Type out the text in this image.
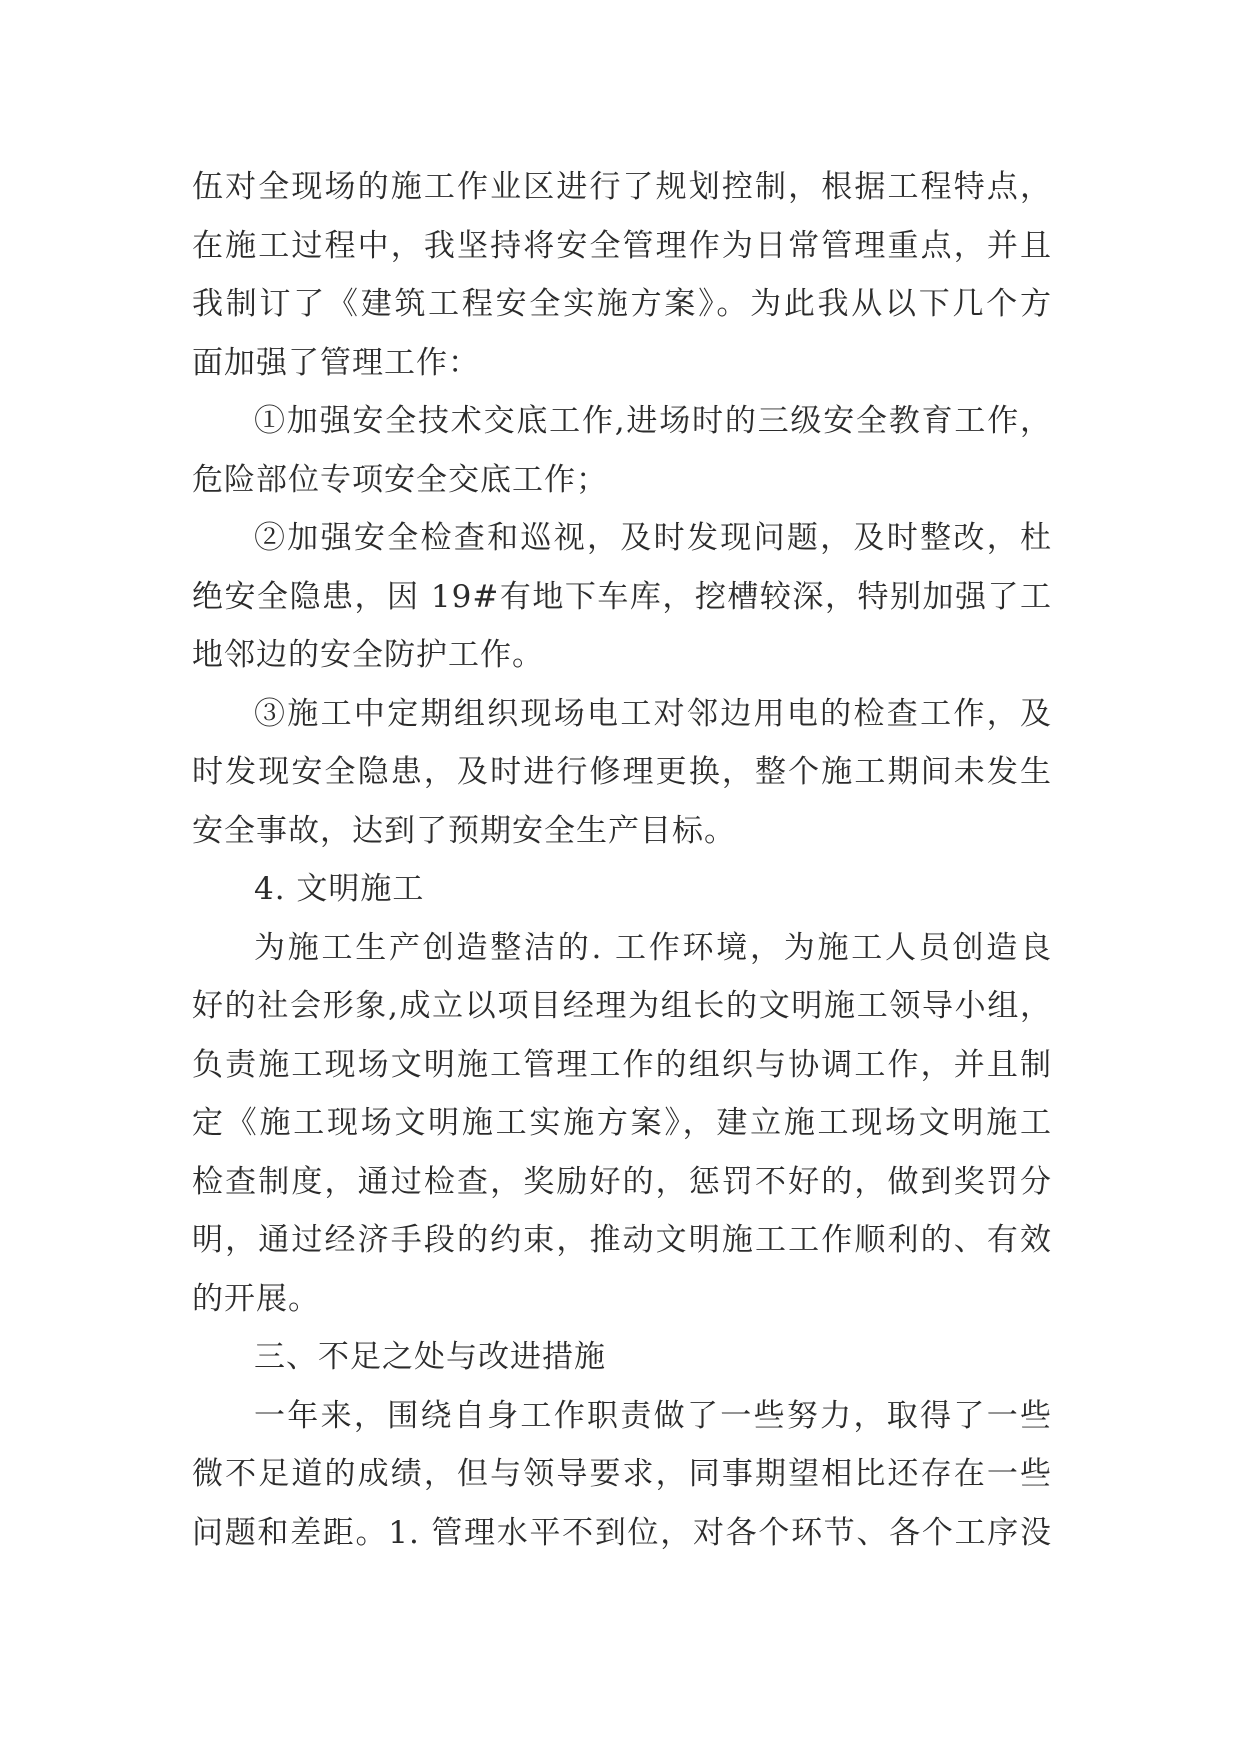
伍对全现场的施工作业区进行了规划控制，根据工程特点，
在施工过程中，我坚持将安全管理作为日常管理重点，并且
我制订了《建筑工程安全实施方案》。为此我从以下几个方
面加强了管理工作：
①加强安全技术交底工作,进场时的三级安全教育工作，
危险部位专项安全交底工作；
②加强安全检查和巡视，及时发现问题，及时整改，杜
绝安全隐患，因 19#有地下车库，挖槽较深，特别加强了工
地邻边的安全防护工作。
③施工中定期组织现场电工对邻边用电的检查工作，及
时发现安全隐患，及时进行修理更换，整个施工期间未发生
安全事故，达到了预期安全生产目标。
4. 文明施工
为施工生产创造整洁的. 工作环境，为施工人员创造良
好的社会形象,成立以项目经理为组长的文明施工领导小组，
负责施工现场文明施工管理工作的组织与协调工作，并且制
定《施工现场文明施工实施方案》，建立施工现场文明施工
检查制度，通过检查，奖励好的，惩罚不好的，做到奖罚分
明，通过经济手段的约束，推动文明施工工作顺利的、有效
的开展。
三、不足之处与改进措施
一年来，围绕自身工作职责做了一些努力，取得了一些
微不足道的成绩，但与领导要求，同事期望相比还存在一些
问题和差距。1. 管理水平不到位，对各个环节、各个工序没
